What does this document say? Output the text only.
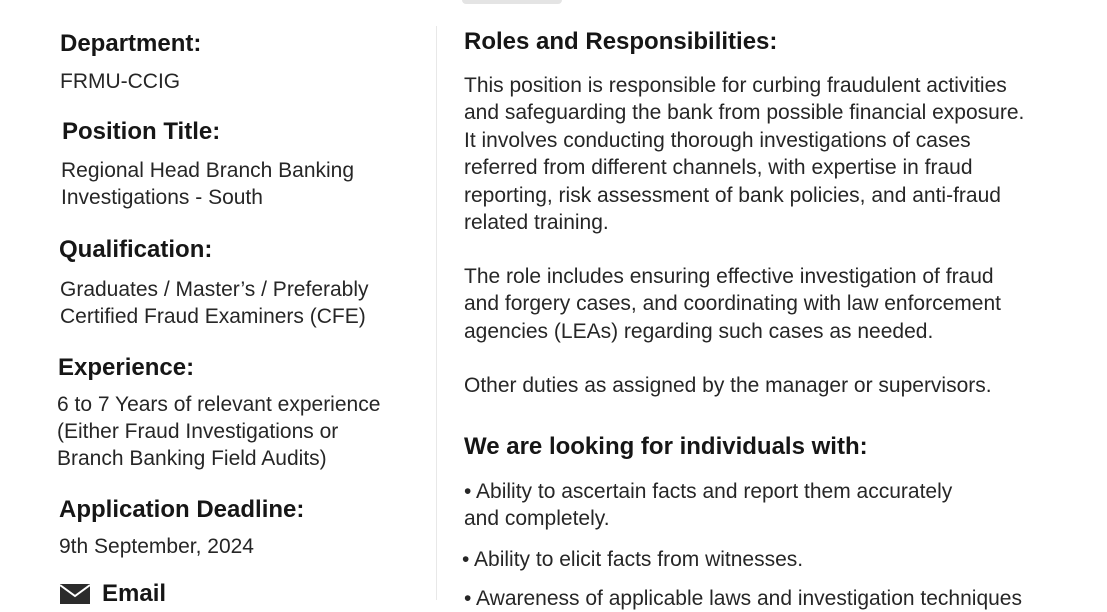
Department:
FRMU-CCIG
Position Title:
Regional Head Branch Banking
Investigations - South
Qualification:
Graduates / Master’s / Preferably
Certified Fraud Examiners (CFE)
Experience:
6 to 7 Years of relevant experience
(Either Fraud Investigations or
Branch Banking Field Audits)
Application Deadline:
9th September, 2024
Email
Roles and Responsibilities:
This position is responsible for curbing fraudulent activities
and safeguarding the bank from possible financial exposure.
It involves conducting thorough investigations of cases
referred from different channels, with expertise in fraud
reporting, risk assessment of bank policies, and anti-fraud
related training.
The role includes ensuring effective investigation of fraud
and forgery cases, and coordinating with law enforcement
agencies (LEAs) regarding such cases as needed.
Other duties as assigned by the manager or supervisors.
We are looking for individuals with:
• Ability to ascertain facts and report them accurately
and completely.
• Ability to elicit facts from witnesses.
• Awareness of applicable laws and investigation techniques
